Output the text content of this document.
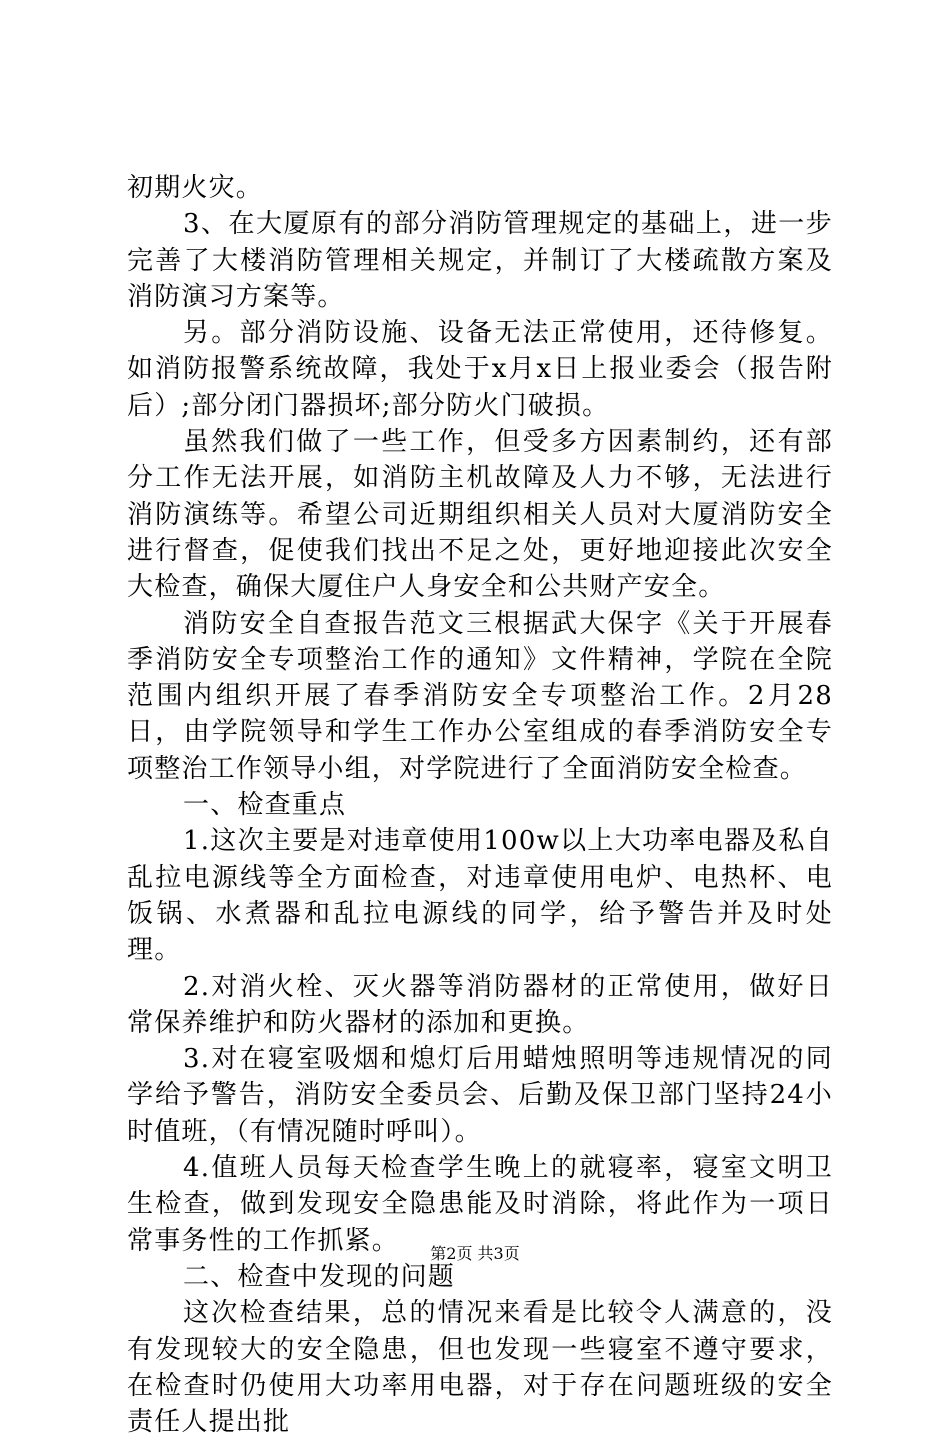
初期火灾。

3、在大厦原有的部分消防管理规定的基础上，进一步完善了大楼消防管理相关规定，并制订了大楼疏散方案及消防演习方案等。

另。部分消防设施、设备无法正常使用，还待修复。如消防报警系统故障，我处于x月x日上报业委会（报告附后）;部分闭门器损坏;部分防火门破损。

虽然我们做了一些工作，但受多方因素制约，还有部分工作无法开展，如消防主机故障及人力不够，无法进行消防演练等。希望公司近期组织相关人员对大厦消防安全进行督查，促使我们找出不足之处，更好地迎接此次安全大检查，确保大厦住户人身安全和公共财产安全。

消防安全自查报告范文三根据武大保字《关于开展春季消防安全专项整治工作的通知》文件精神，学院在全院范围内组织开展了春季消防安全专项整治工作。2月28日，由学院领导和学生工作办公室组成的春季消防安全专项整治工作领导小组，对学院进行了全面消防安全检查。

一、检查重点

1.这次主要是对违章使用100w以上大功率电器及私自乱拉电源线等全方面检查，对违章使用电炉、电热杯、电饭锅、水煮器和乱拉电源线的同学，给予警告并及时处理。

2.对消火栓、灭火器等消防器材的正常使用，做好日常保养维护和防火器材的添加和更换。

3.对在寝室吸烟和熄灯后用蜡烛照明等违规情况的同学给予警告，消防安全委员会、后勤及保卫部门坚持24小时值班，（有情况随时呼叫）。

4.值班人员每天检查学生晚上的就寝率，寝室文明卫生检查，做到发现安全隐患能及时消除，将此作为一项日常事务性的工作抓紧。

二、检查中发现的问题

这次检查结果，总的情况来看是比较令人满意的，没有发现较大的安全隐患，但也发现一些寝室不遵守要求，在检查时仍使用大功率用电器，对于存在问题班级的安全责任人提出批

第2页 共3页
